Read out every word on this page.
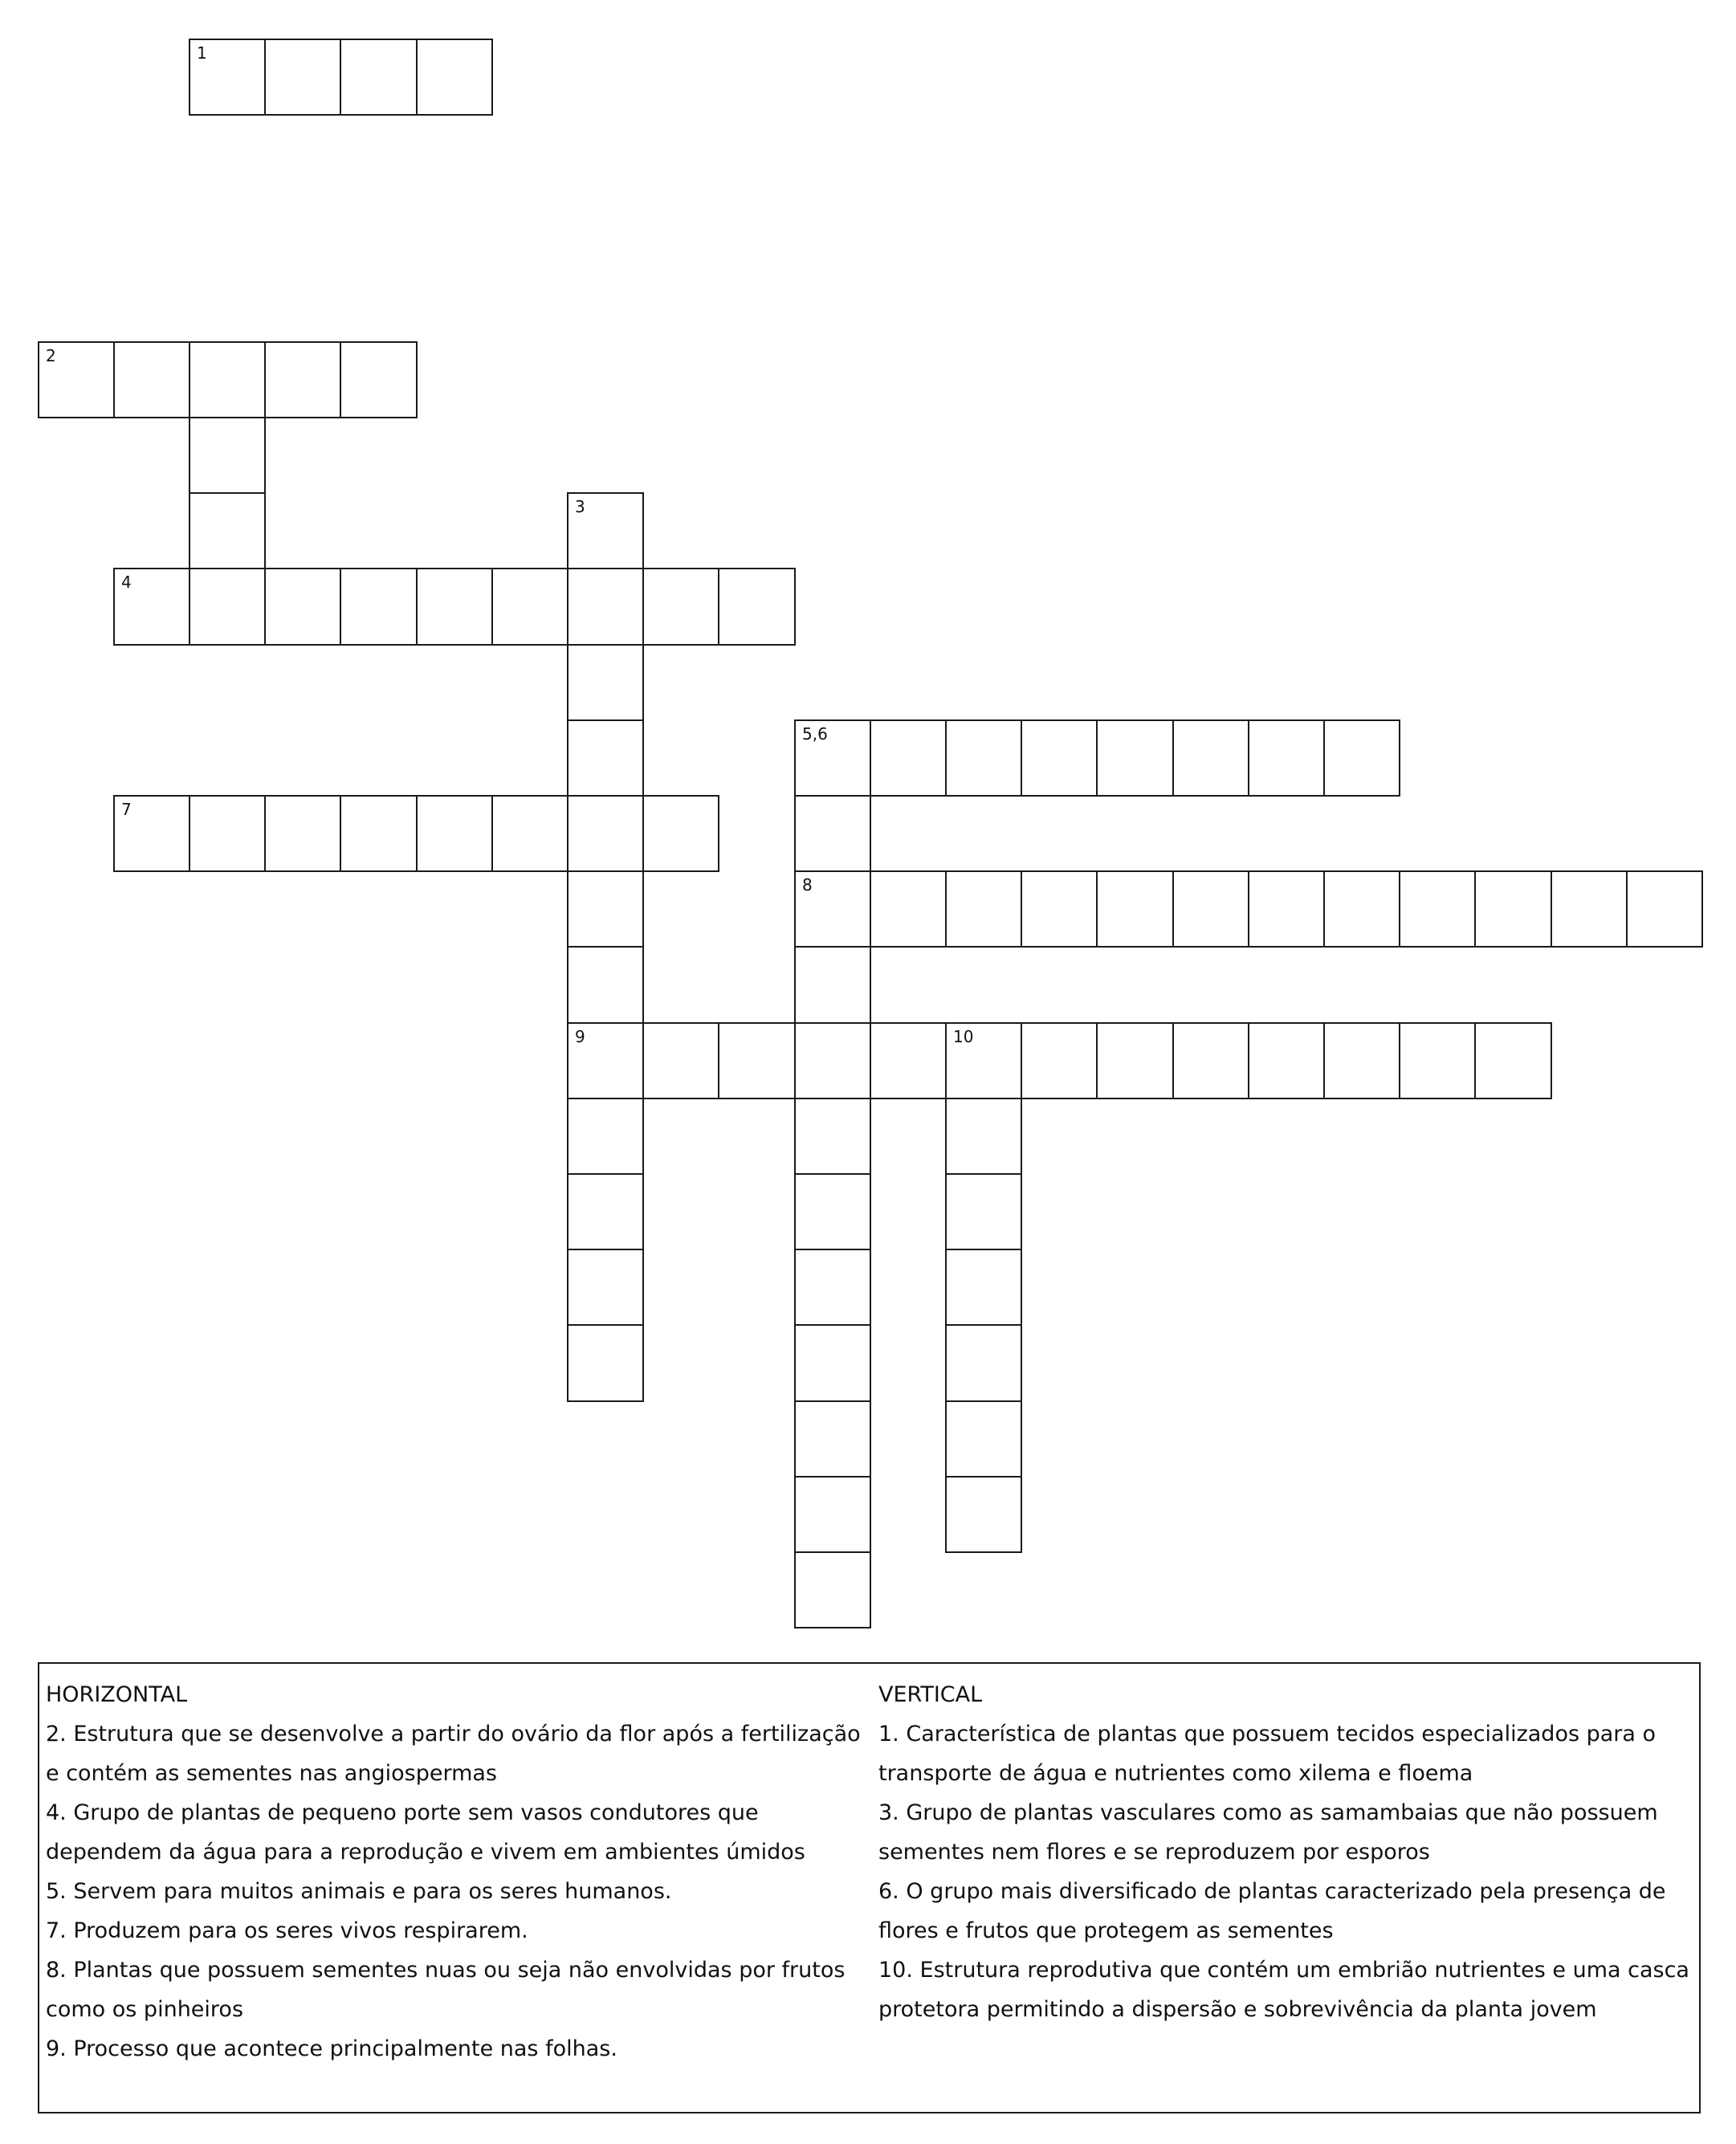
1
2
3
4
5,6
7
8
9	10
HORIZONTAL
2. Estrutura que se desenvolve a partir do ovário da flor após a fertilização e contém as sementes nas angiospermas
4. Grupo de plantas de pequeno porte sem vasos condutores que dependem da água para a reprodução e vivem em ambientes úmidos
5. Servem para muitos animais e para os seres humanos.
7. Produzem para os seres vivos respirarem.
8. Plantas que possuem sementes nuas ou seja não envolvidas por frutos como os pinheiros
9. Processo que acontece principalmente nas folhas.
VERTICAL
1. Característica de plantas que possuem tecidos especializados para o transporte de água e nutrientes como xilema e floema
3. Grupo de plantas vasculares como as samambaias que não possuem sementes nem flores e se reproduzem por esporos
6. O grupo mais diversificado de plantas caracterizado pela presença de flores e frutos que protegem as sementes
10. Estrutura reprodutiva que contém um embrião nutrientes e uma casca protetora permitindo a dispersão e sobrevivência da planta jovem
